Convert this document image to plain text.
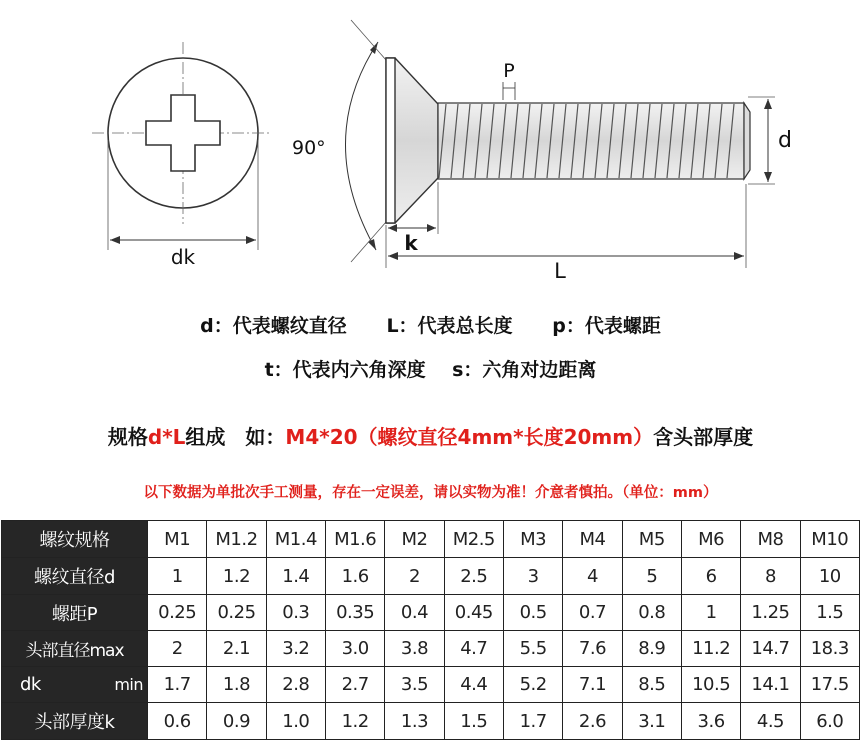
dk
90°
P
d
k
L
d：代表螺纹直径 L：代表总长度 p：代表螺距
t：代表内六角深度 s：六角对边距离
规格d*L组成　如：M4*20（螺纹直径4mm*长度20mm）含头部厚度
以下数据为单批次手工测量，存在一定误差，请以实物为准！介意者慎拍。（单位：mm）
螺纹规格	M1	M1.2	M1.4	M1.6	M2	M2.5	M3	M4	M5	M6	M8	M10
螺纹直径d	1	1.2	1.4	1.6	2	2.5	3	4	5	6	8	10
螺距P	0.25	0.25	0.3	0.35	0.4	0.45	0.5	0.7	0.8	1	1.25	1.5
头部直径max	2	2.1	3.2	3.0	3.8	4.7	5.5	7.6	8.9	11.2	14.7	18.3

dk min	1.7	1.8	2.8	2.7	3.5	4.4	5.2	7.1	8.5	10.5	14.1	17.5
头部厚度k	0.6	0.9	1.0	1.2	1.3	1.5	1.7	2.6	3.1	3.6	4.5	6.0
